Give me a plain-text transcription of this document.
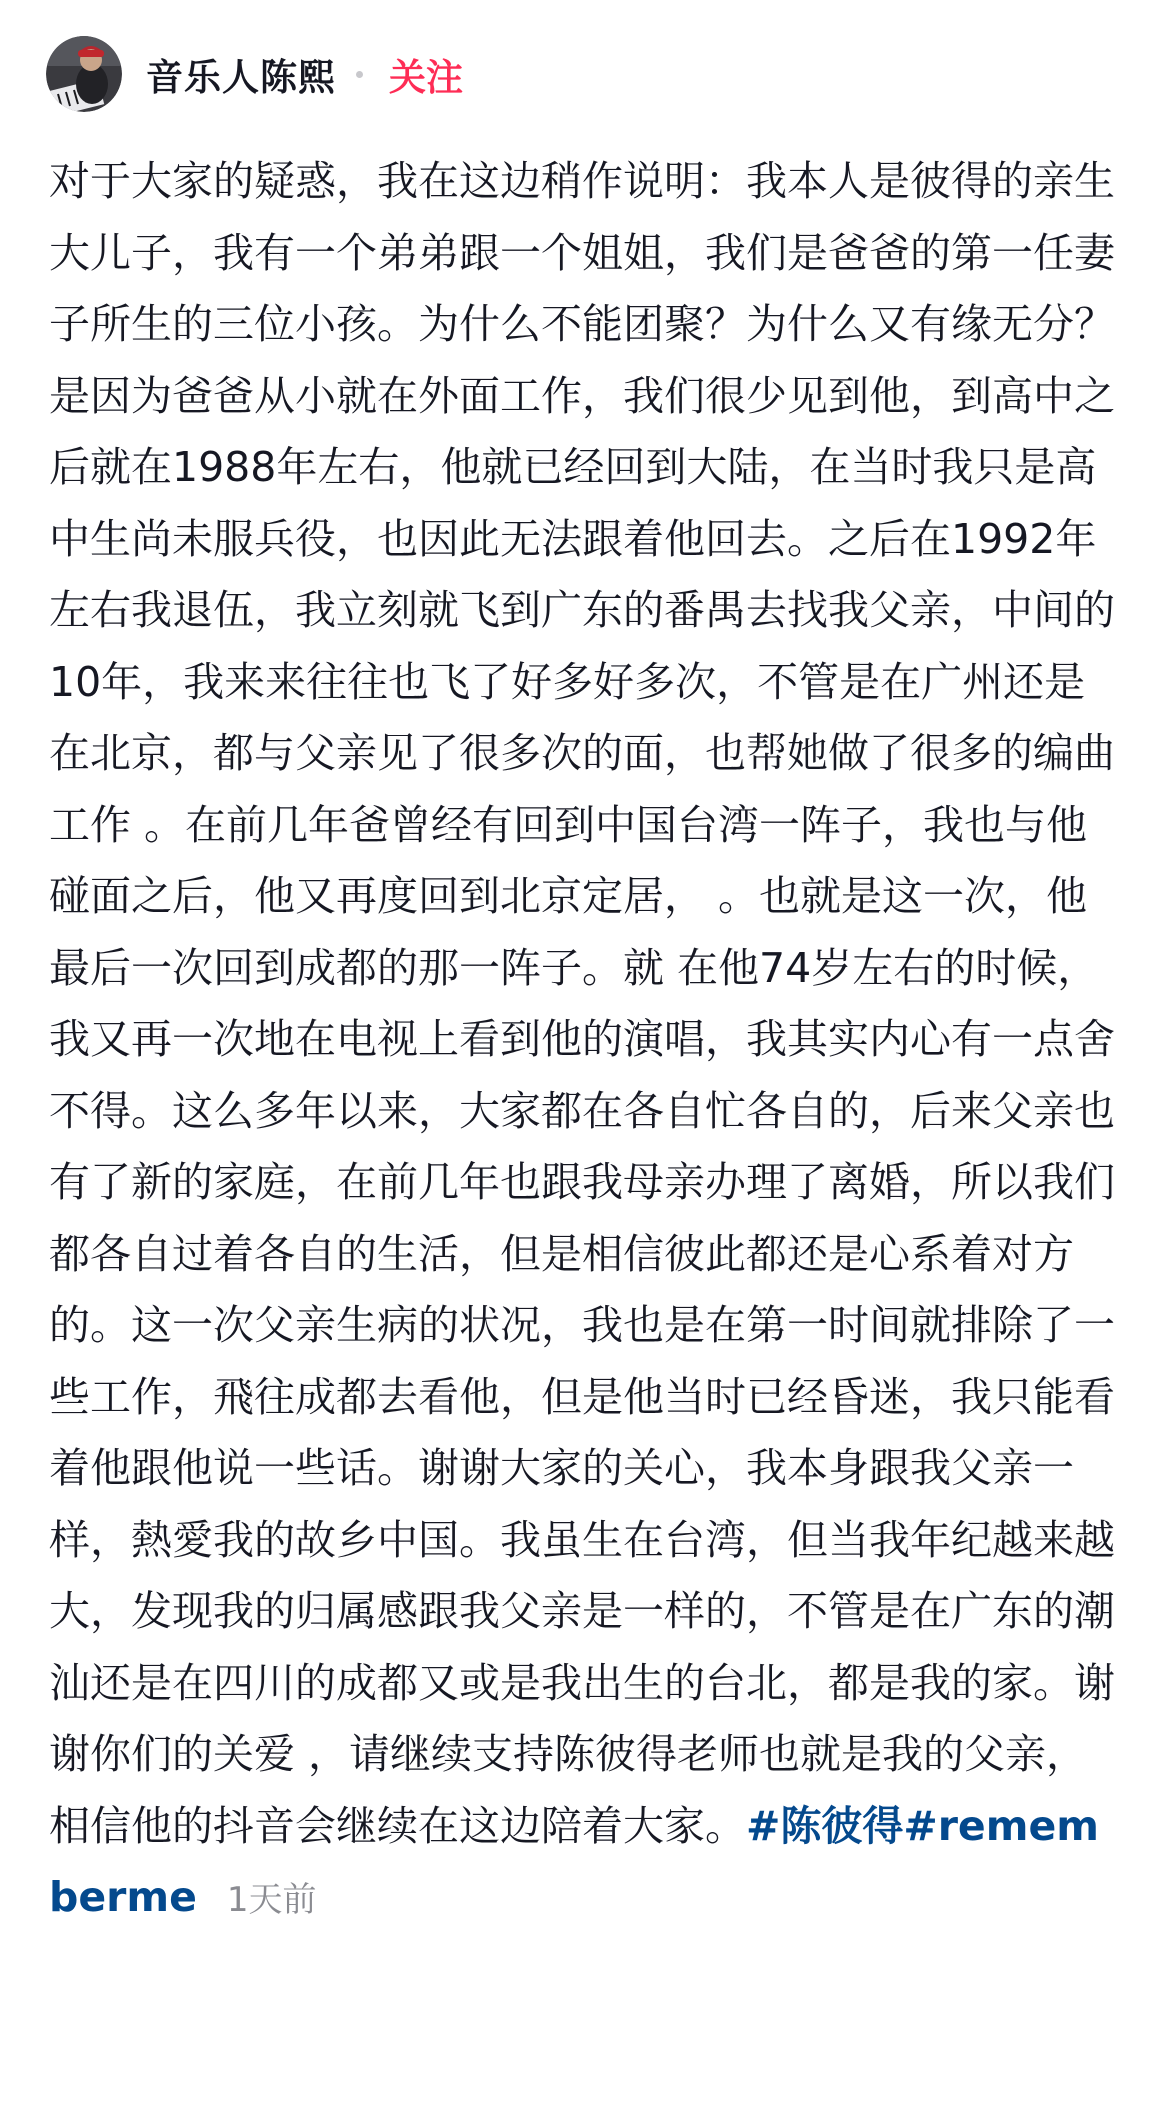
音乐人陈熙 关注

对于大家的疑惑，我在这边稍作说明：我本人是彼得的亲生 大儿子，我有一个弟弟跟一个姐姐，我们是爸爸的第一任妻子所生的三位小孩。为什么不能团聚？为什么又有缘无分？ 是因为爸爸从小就在外面工作，我们很少见到他，到高中之后就在1988年左右，他就已经回到大陆，在当时我只是高中生尚未服兵役，也因此无法跟着他回去。之后在1992年左右我退伍，我立刻就飞到广东的番禺去找我父亲，中间的10年，我来来往往也飞了好多好多次，不管是在广州还是在北京，都与父亲见了很多次的面，也帮她做了很多的编曲工作 。在前几年爸曾经有回到中国台湾一阵子，我也与他碰面之后，他又再度回到北京定居， 。也就是这一次，他最后一次回到成都的那一阵子。就 在他74岁左右的时候，我又再一次地在电视上看到他的演唱，我其实内心有一点舍不得。这么多年以来，大家都在各自忙各自的，后来父亲也有了新的家庭，在前几年也跟我母亲办理了离婚，所以我们都各自过着各自的生活，但是相信彼此都还是心系着对方的。这一次父亲生病的状况，我也是在第一时间就排除了一些工作，飛往成都去看他，但是他当时已经昏迷，我只能看着他跟他说一些话。谢谢大家的关心，我本身跟我父亲一样，熱愛我的故乡中国。我虽生在台湾，但当我年纪越来越大，发现我的归属感跟我父亲是一样的，不管是在广东的潮汕还是在四川的成都又或是我出生的台北，都是我的家。谢谢你们的关爱 ，请继续支持陈彼得老师也就是我的父亲，相信他的抖音会继续在这边陪着大家。#陈彼得#rememberme 1天前
